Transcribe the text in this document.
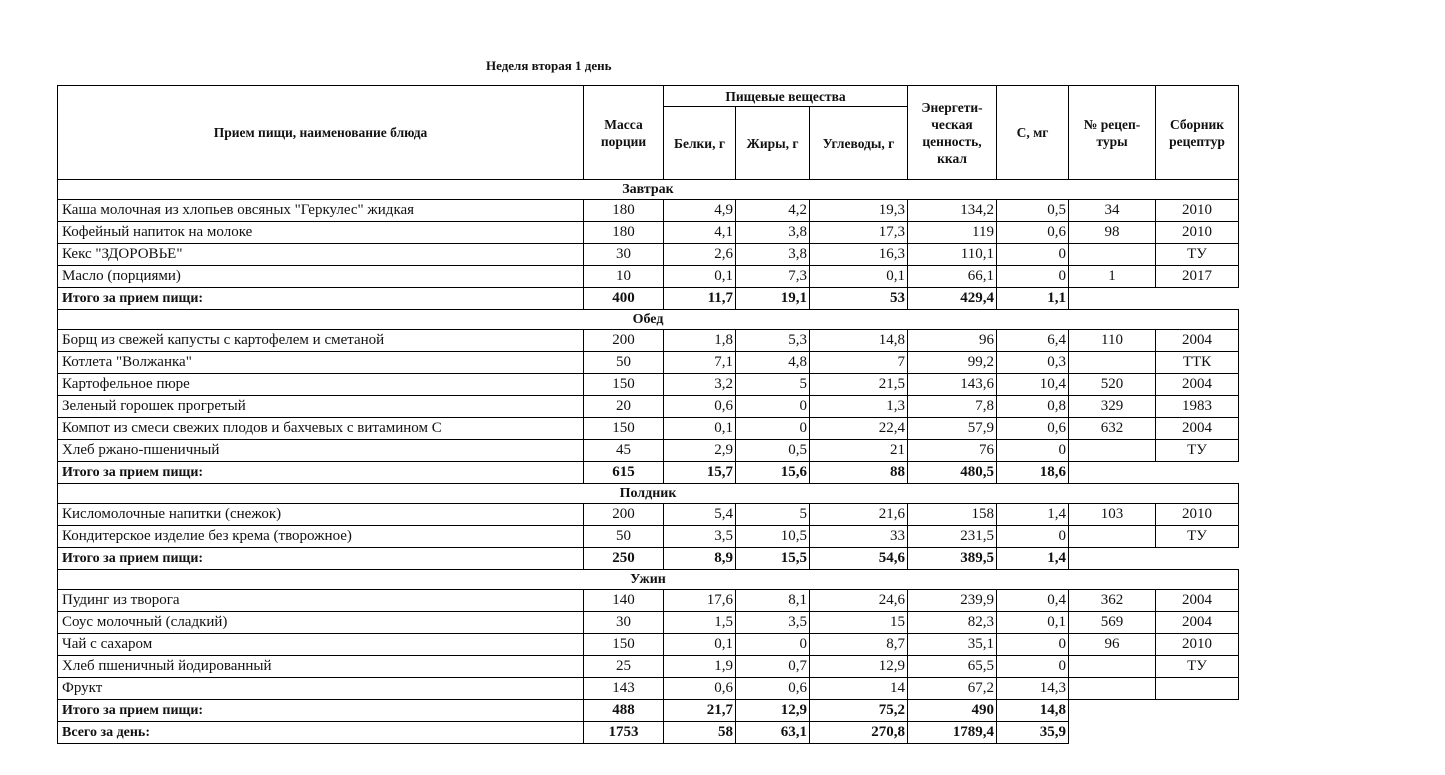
Неделя вторая 1 день
Прием пищи, наименование блюда	Масса порции	Пищевые вещества			Энергети-ческая ценность, ккал	С, мг	№ рецеп-туры	Сборник рецептур
		Белки, г	Жиры, г	Углеводы, г				
Завтрак								
Каша молочная из хлопьев овсяных "Геркулес" жидкая	180	4,9	4,2	19,3	134,2	0,5	34	2010
Кофейный напиток на молоке	180	4,1	3,8	17,3	119	0,6	98	2010
Кекс "ЗДОРОВЬЕ"	30	2,6	3,8	16,3	110,1	0		ТУ
Масло (порциями)	10	0,1	7,3	0,1	66,1	0	1	2017
Итого за прием пищи:	400	11,7	19,1	53	429,4	1,1		
Обед								
Борщ из свежей капусты с картофелем и сметаной	200	1,8	5,3	14,8	96	6,4	110	2004
Котлета "Волжанка"	50	7,1	4,8	7	99,2	0,3		ТТК
Картофельное пюре	150	3,2	5	21,5	143,6	10,4	520	2004
Зеленый горошек прогретый	20	0,6	0	1,3	7,8	0,8	329	1983
Компот из смеси свежих плодов и бахчевых с витамином С	150	0,1	0	22,4	57,9	0,6	632	2004
Хлеб ржано-пшеничный	45	2,9	0,5	21	76	0		ТУ
Итого за прием пищи:	615	15,7	15,6	88	480,5	18,6		
Полдник								
Кисломолочные напитки (снежок)	200	5,4	5	21,6	158	1,4	103	2010
Кондитерское изделие без крема (творожное)	50	3,5	10,5	33	231,5	0		ТУ
Итого за прием пищи:	250	8,9	15,5	54,6	389,5	1,4		
Ужин								
Пудинг из творога	140	17,6	8,1	24,6	239,9	0,4	362	2004
Соус молочный (сладкий)	30	1,5	3,5	15	82,3	0,1	569	2004
Чай с сахаром	150	0,1	0	8,7	35,1	0	96	2010
Хлеб пшеничный йодированный	25	1,9	0,7	12,9	65,5	0		ТУ
Фрукт	143	0,6	0,6	14	67,2	14,3		
Итого за прием пищи:	488	21,7	12,9	75,2	490	14,8		
Всего за день:	1753	58	63,1	270,8	1789,4	35,9		
